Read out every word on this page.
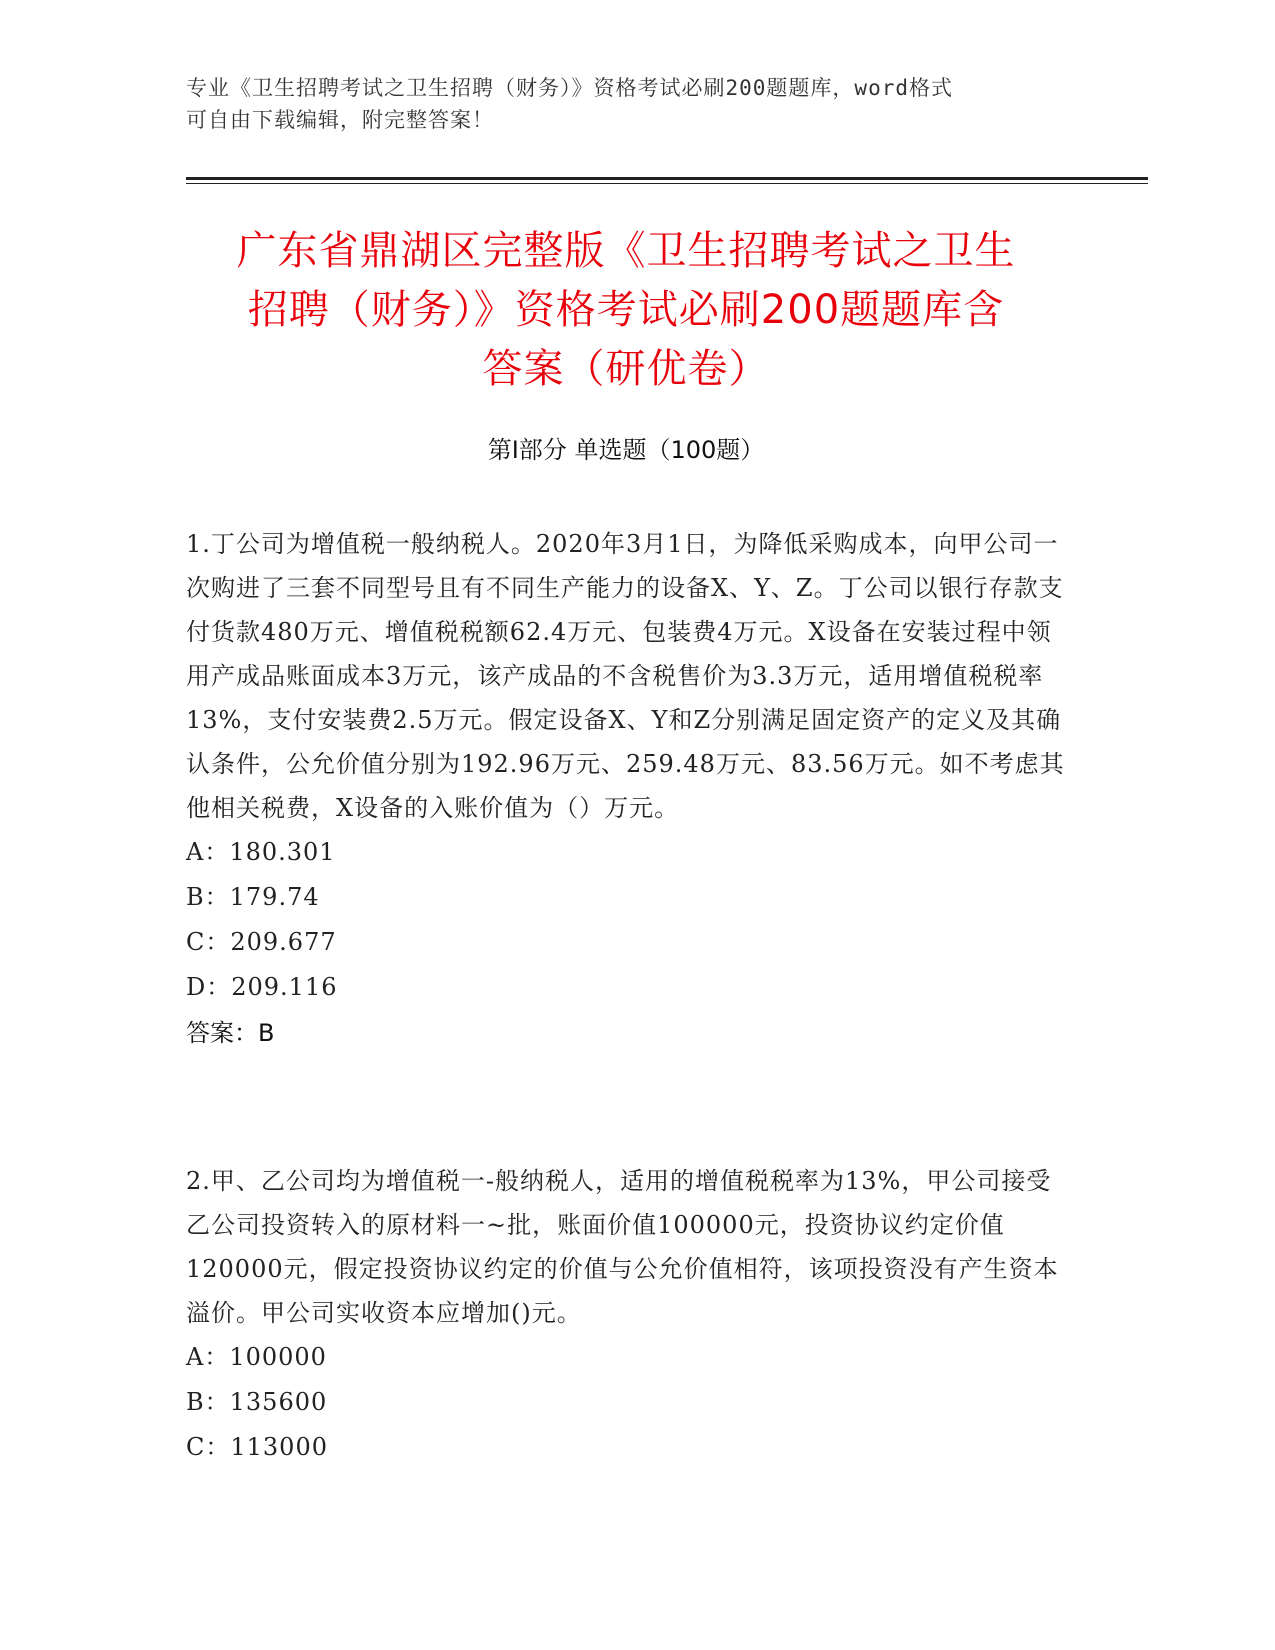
专业《卫生招聘考试之卫生招聘（财务）》资格考试必刷200题题库，word格式
可自由下载编辑，附完整答案！
广东省鼎湖区完整版《卫生招聘考试之卫生
招聘（财务）》资格考试必刷200题题库含
答案（研优卷）
第Ⅰ部分 单选题（100题）

1.丁公司为增值税一般纳税人。2020年3月1日，为降低采购成本，向甲公司一次购进了三套不同型号且有不同生产能力的设备X、Y、Z。丁公司以银行存款支付货款480万元、增值税税额62.4万元、包装费4万元。X设备在安装过程中领用产成品账面成本3万元，该产成品的不含税售价为3.3万元，适用增值税税率13%，支付安装费2.5万元。假定设备X、Y和Z分别满足固定资产的定义及其确认条件，公允价值分别为192.96万元、259.48万元、83.56万元。如不考虑其他相关税费，X设备的入账价值为（）万元。

A：180.301

B：179.74

C：209.677

D：209.116

答案：B

2.甲、乙公司均为增值税一-般纳税人，适用的增值税税率为13%，甲公司接受乙公司投资转入的原材料一~批，账面价值100000元，投资协议约定价值120000元，假定投资协议约定的价值与公允价值相符，该项投资没有产生资本溢价。甲公司实收资本应增加()元。

A：100000

B：135600

C：113000
